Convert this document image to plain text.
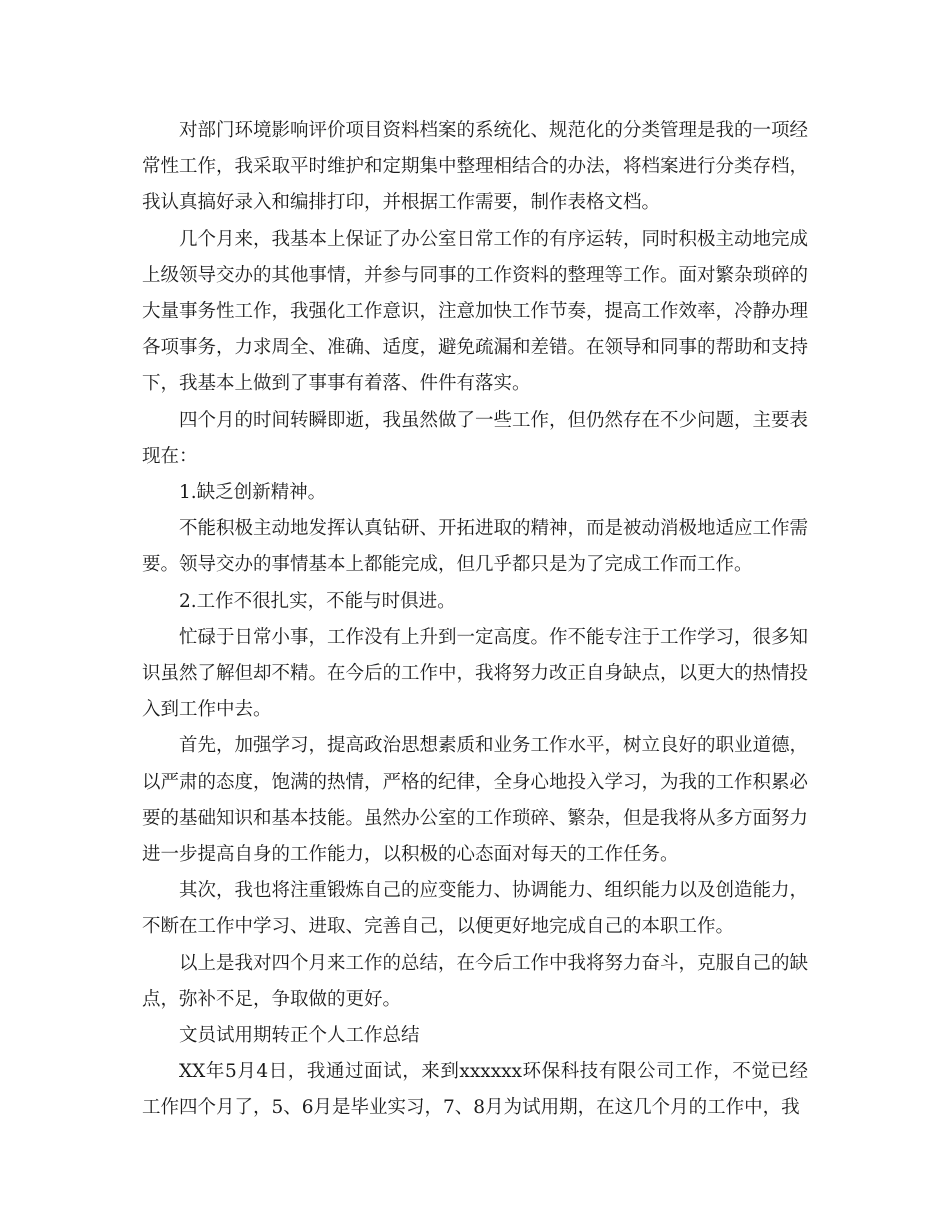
对部门环境影响评价项目资料档案的系统化、规范化的分类管理是我的一项经常性工作，我采取平时维护和定期集中整理相结合的办法，将档案进行分类存档，我认真搞好录入和编排打印，并根据工作需要，制作表格文档。

几个月来，我基本上保证了办公室日常工作的有序运转，同时积极主动地完成上级领导交办的其他事情，并参与同事的工作资料的整理等工作。面对繁杂琐碎的大量事务性工作，我强化工作意识，注意加快工作节奏，提高工作效率，冷静办理各项事务，力求周全、准确、适度，避免疏漏和差错。在领导和同事的帮助和支持下，我基本上做到了事事有着落、件件有落实。

四个月的时间转瞬即逝，我虽然做了一些工作，但仍然存在不少问题，主要表现在：

1.缺乏创新精神。

不能积极主动地发挥认真钻研、开拓进取的精神，而是被动消极地适应工作需要。领导交办的事情基本上都能完成，但几乎都只是为了完成工作而工作。

2.工作不很扎实，不能与时俱进。

忙碌于日常小事，工作没有上升到一定高度。作不能专注于工作学习，很多知识虽然了解但却不精。在今后的工作中，我将努力改正自身缺点，以更大的热情投入到工作中去。

首先，加强学习，提高政治思想素质和业务工作水平，树立良好的职业道德，以严肃的态度，饱满的热情，严格的纪律，全身心地投入学习，为我的工作积累必要的基础知识和基本技能。虽然办公室的工作琐碎、繁杂，但是我将从多方面努力进一步提高自身的工作能力，以积极的心态面对每天的工作任务。

其次，我也将注重锻炼自己的应变能力、协调能力、组织能力以及创造能力，不断在工作中学习、进取、完善自己，以便更好地完成自己的本职工作。

以上是我对四个月来工作的总结，在今后工作中我将努力奋斗，克服自己的缺点，弥补不足，争取做的更好。

文员试用期转正个人工作总结

XX年5月4日，我通过面试，来到xxxxxx环保科技有限公司工作，不觉已经工作四个月了，5、6月是毕业实习，7、8月为试用期，在这几个月的工作中，我
